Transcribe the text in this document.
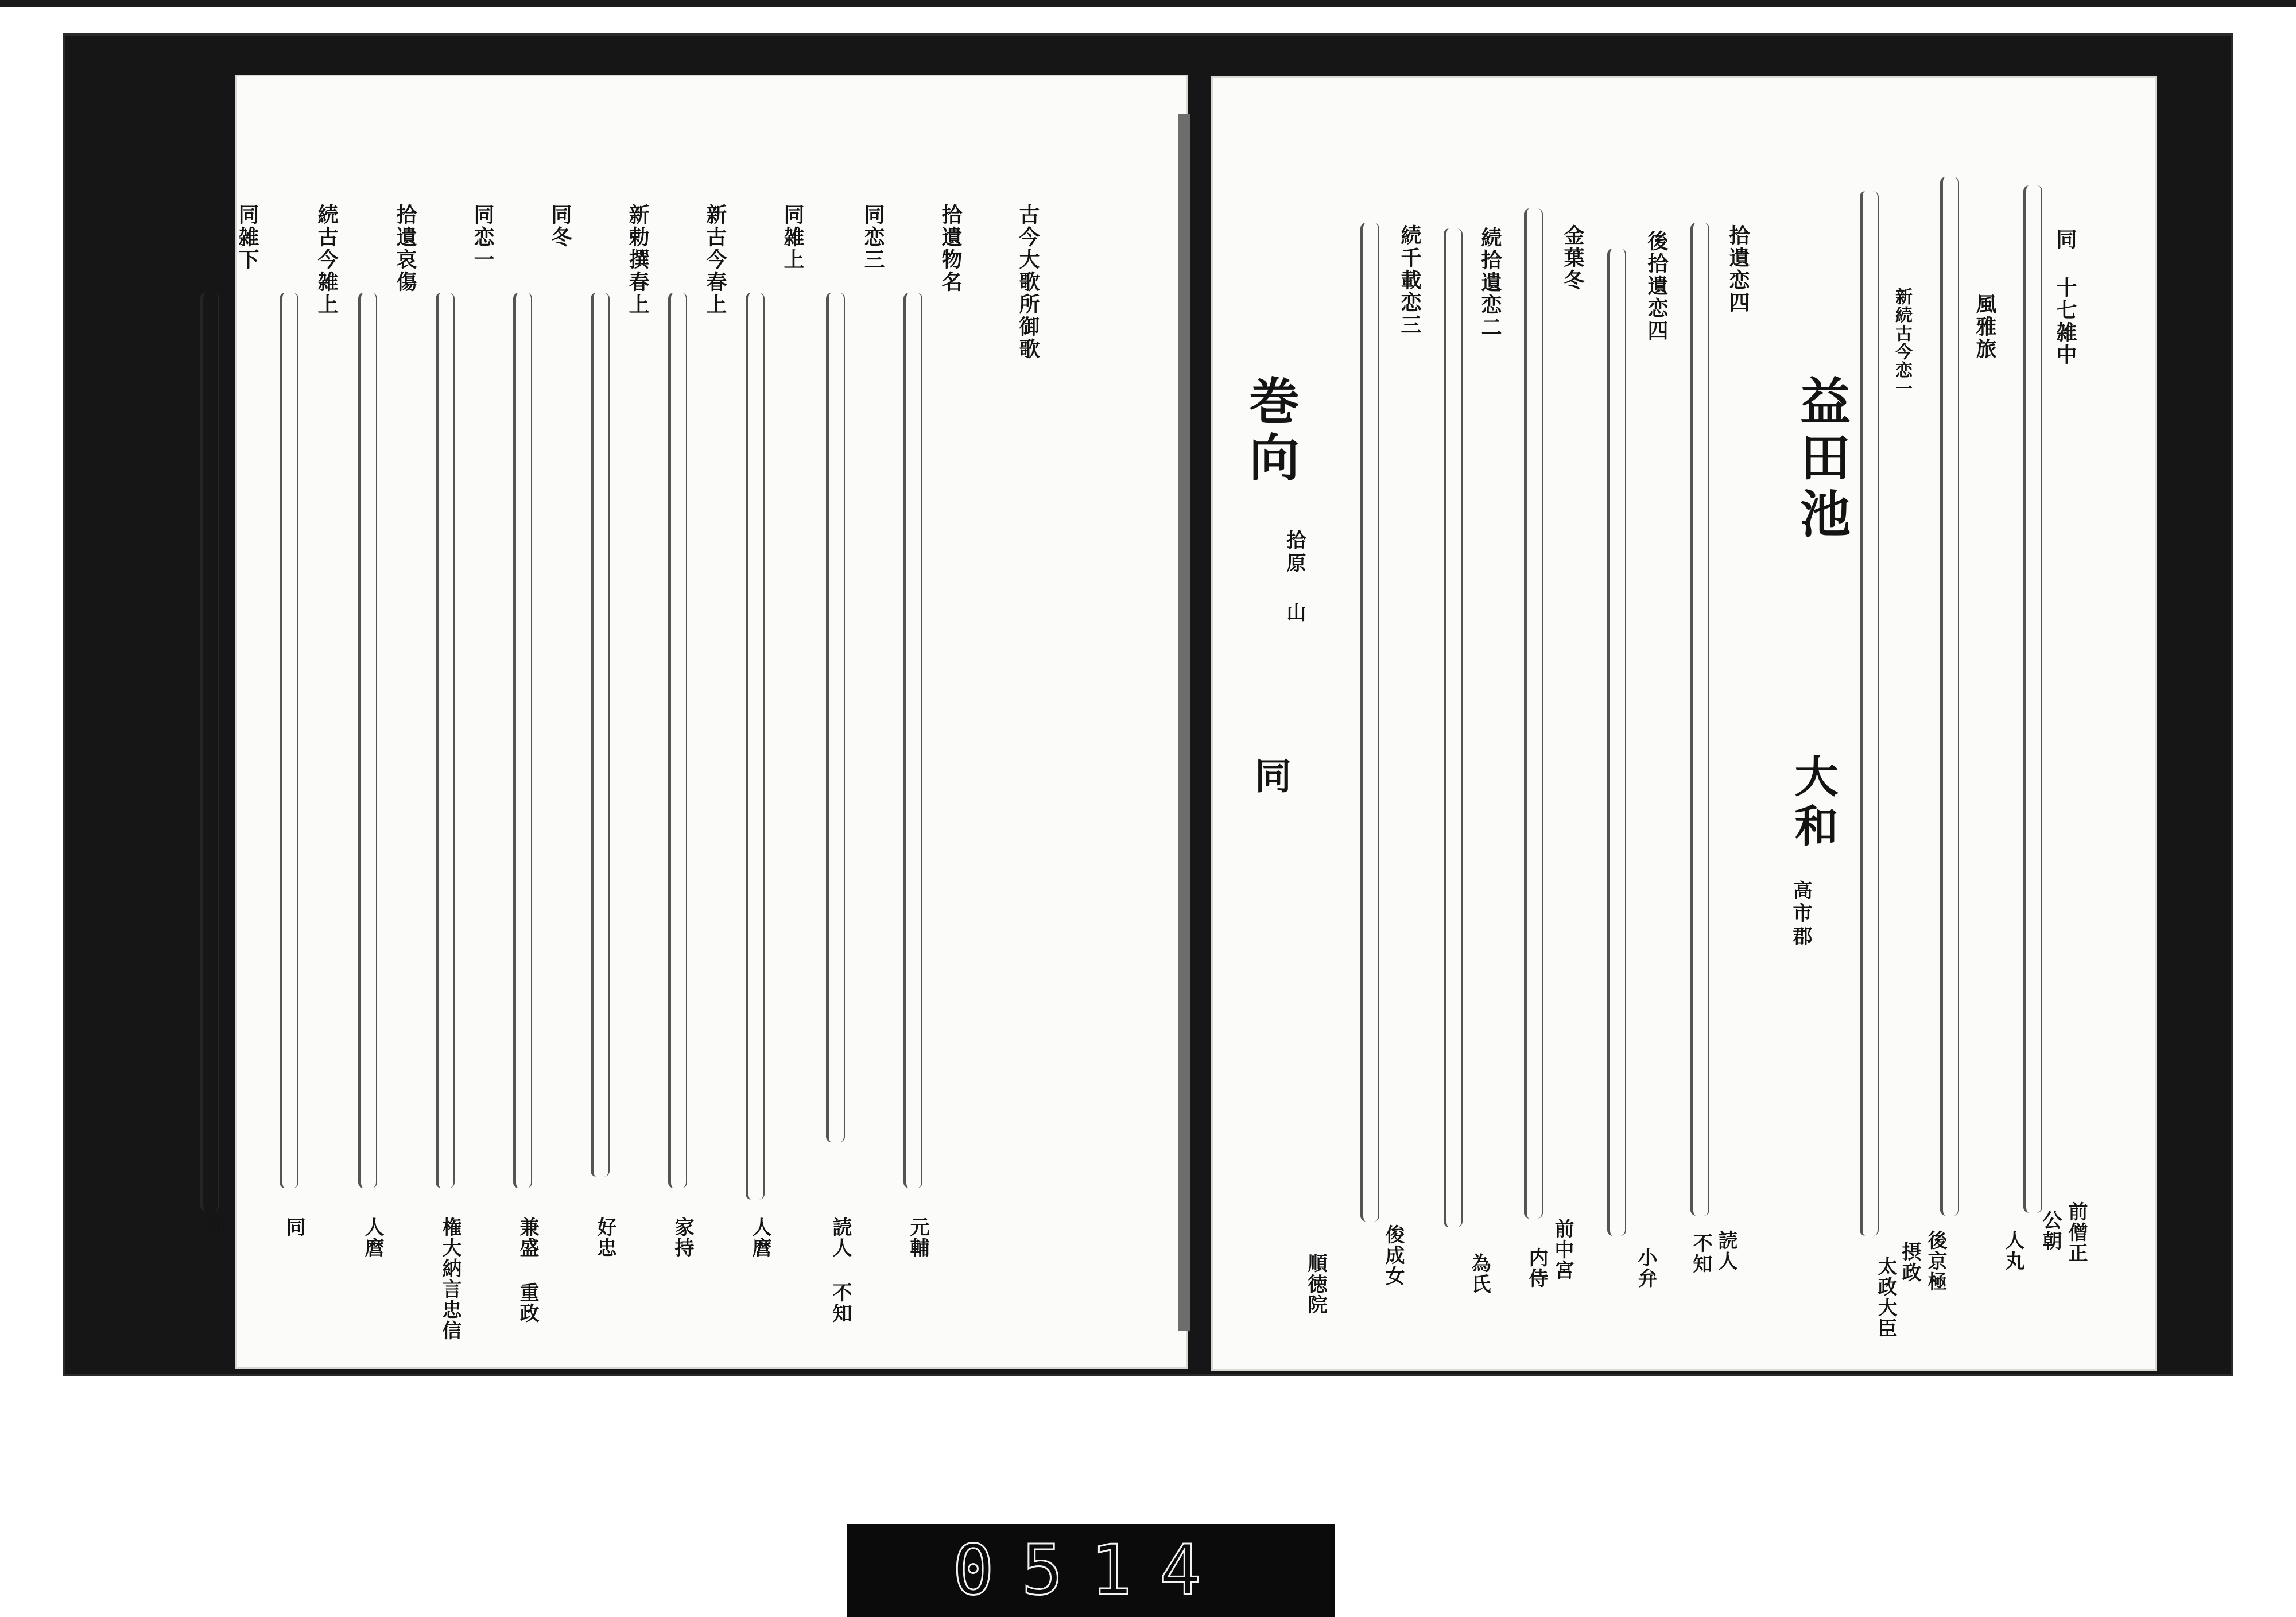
古今大歌所御歌
拾遺物名
元輔
同恋三
読人 不知
同雑上
人麿
新古今春上
家持
新勅撰春上
好忠
同冬
兼盛 重政
同恋一
権大納言忠信
拾遺哀傷
人麿
続古今雑上
同
同雑下
同
同 十七雑中
風雅旅
新続古今恋一
拾遺恋四
後拾遺恋四
金葉冬
続拾遺恋二
続千載恋三
益田池
大和
高市郡
巻向
拾原 山
同
前僧正
公朝
人丸
後京極
摂政
太政大臣
読人
不知
小弁
前中宮
内侍
為氏
俊成女
順徳院
0514
